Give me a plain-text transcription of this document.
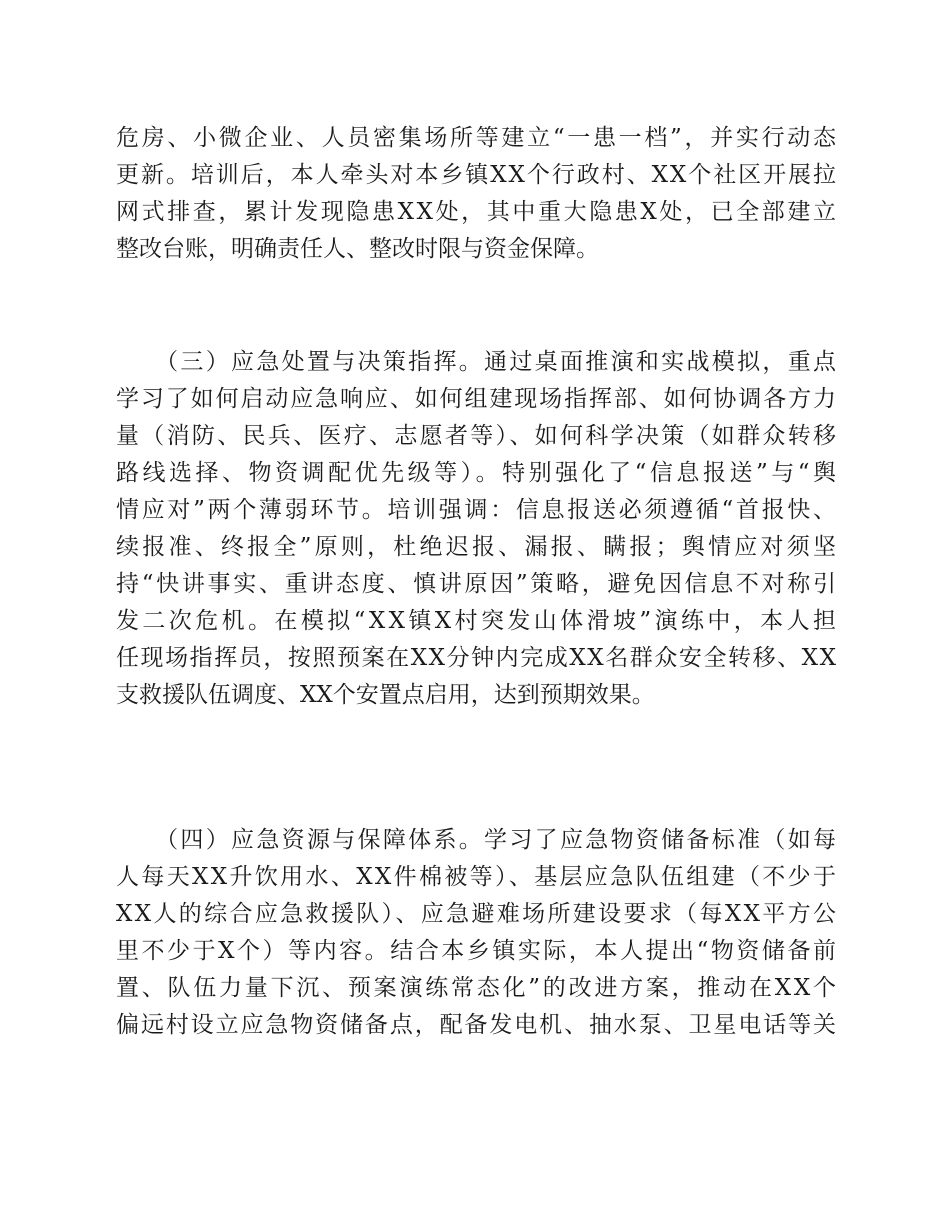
危房、小微企业、人员密集场所等建立“一患一档”，并实行动态
更新。培训后，本人牵头对本乡镇XX个行政村、XX个社区开展拉
网式排查，累计发现隐患XX处，其中重大隐患X处，已全部建立
整改台账，明确责任人、整改时限与资金保障。
　　（三）应急处置与决策指挥。通过桌面推演和实战模拟，重点
学习了如何启动应急响应、如何组建现场指挥部、如何协调各方力
量（消防、民兵、医疗、志愿者等）、如何科学决策（如群众转移
路线选择、物资调配优先级等）。特别强化了“信息报送”与“舆
情应对”两个薄弱环节。培训强调：信息报送必须遵循“首报快、
续报准、终报全”原则，杜绝迟报、漏报、瞒报；舆情应对须坚
持“快讲事实、重讲态度、慎讲原因”策略，避免因信息不对称引
发二次危机。在模拟“XX镇X村突发山体滑坡”演练中，本人担
任现场指挥员，按照预案在XX分钟内完成XX名群众安全转移、XX
支救援队伍调度、XX个安置点启用，达到预期效果。
　　（四）应急资源与保障体系。学习了应急物资储备标准（如每
人每天XX升饮用水、XX件棉被等）、基层应急队伍组建（不少于
XX人的综合应急救援队）、应急避难场所建设要求（每XX平方公
里不少于X个）等内容。结合本乡镇实际，本人提出“物资储备前
置、队伍力量下沉、预案演练常态化”的改进方案，推动在XX个
偏远村设立应急物资储备点，配备发电机、抽水泵、卫星电话等关
